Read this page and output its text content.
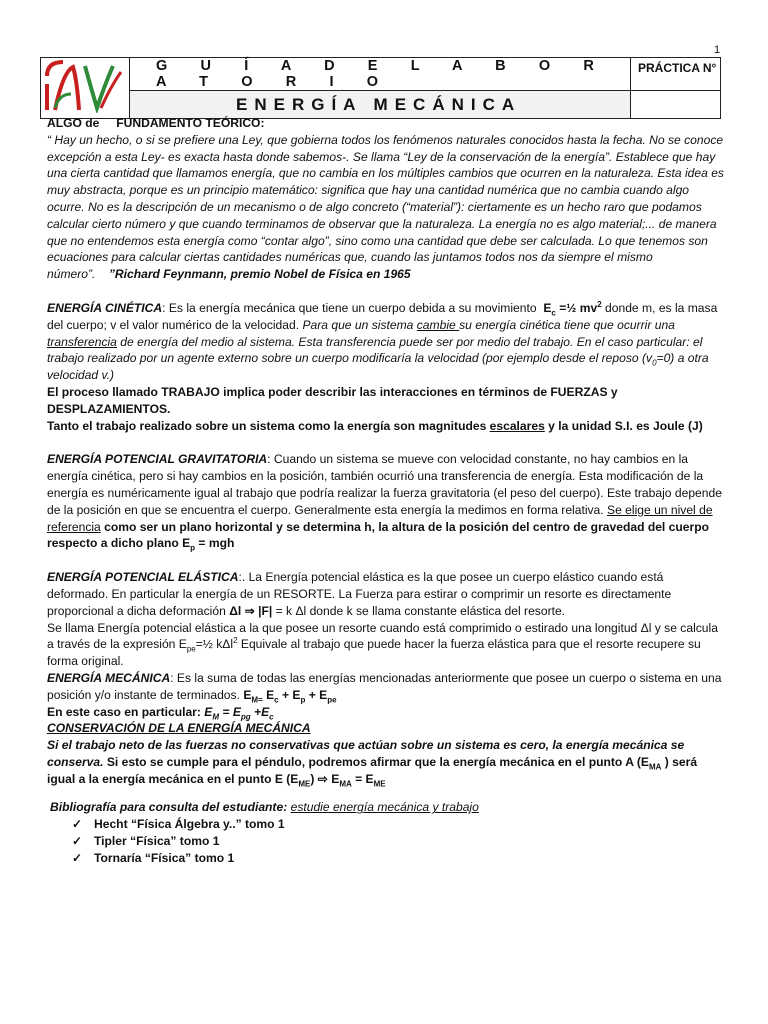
1
	G U Í A D E L A B O R A T O R I O	PRÁCTICA N°
	ENERGÍA MECÁNICA	

ALGO de FUNDAMENTO TEÓRICO:

“ Hay un hecho, o si se prefiere una Ley, que gobierna todos los fenómenos naturales conocidos hasta la fecha. No se conoce excepción a esta Ley- es exacta hasta donde sabemos-. Se llama “Ley de la conservación de la energía”. Establece que hay una cierta cantidad que llamamos energía, que no cambia en los múltiples cambios que ocurren en la naturaleza. Esta idea es muy abstracta, porque es un principio matemático: significa que hay una cantidad numérica que no cambia cuando algo ocurre. No es la descripción de un mecanismo o de algo concreto (“material”): ciertamente es un hecho raro que podamos calcular cierto número y que cuando terminamos de observar que la naturaleza. La energía no es algo material;... de manera que no entendemos esta energía como “contar algo”, sino como una cantidad que debe ser calculada. Lo que tenemos son ecuaciones para calcular ciertas cantidades numéricas que, cuando las juntamos todos nos da siempre el mismo número”. ”Richard Feynmann, premio Nobel de Física en 1965

ENERGÍA CINÉTICA: Es la energía mecánica que tiene un cuerpo debida a su movimiento $E_c$ =½ $mv^2$ donde m, es la masa del cuerpo; v el valor numérico de la velocidad. Para que un sistema cambie su energía cinética tiene que ocurrir una transferencia de energía del medio al sistema. Esta transferencia puede ser por medio del trabajo. En el caso particular: el trabajo realizado por un agente externo sobre un cuerpo modificaría la velocidad (por ejemplo desde el reposo $(v_0=0)$ a otra velocidad v.)

El proceso llamado TRABAJO implica poder describir las interacciones en términos de FUERZAS y DESPLAZAMIENTOS.

Tanto el trabajo realizado sobre un sistema como la energía son magnitudes escalares y la unidad S.I. es Joule (J)

ENERGÍA POTENCIAL GRAVITATORIA: Cuando un sistema se mueve con velocidad constante, no hay cambios en la energía cinética, pero si hay cambios en la posición, también ocurrió una transferencia de energía. Esta modificación de la energía es numéricamente igual al trabajo que podría realizar la fuerza gravitatoria (el peso del cuerpo). Este trabajo depende de la posición en que se encuentra el cuerpo. Generalmente esta energía la medimos en forma relativa. Se elige un nivel de referencia como ser un plano horizontal y se determina h, la altura de la posición del centro de gravedad del cuerpo respecto a dicho plano $E_p$ = mgh

ENERGÍA POTENCIAL ELÁSTICA:. La Energía potencial elástica es la que posee un cuerpo elástico cuando está deformado. En particular la energía de un RESORTE. La Fuerza para estirar o comprimir un resorte es directamente proporcional a dicha deformación Δl ⇒ |F| = k Δl donde k se llama constante elástica del resorte.

Se llama Energía potencial elástica a la que posee un resorte cuando está comprimido o estirado una longitud Δl y se calcula a través de la expresión $E_{pe}=\frac{1}{2}$ kΔl$^2$ Equivale al trabajo que puede hacer la fuerza elástica para que el resorte recupere su forma original.

ENERGÍA MECÁNICA: Es la suma de todas las energías mencionadas anteriormente que posee un cuerpo o sistema en una posición y/o instante de terminados. $E_{M=}$ $E_c + E_p + E_{pe}$

En este caso en particular: $E_M = E_{pg} +E_c$

CONSERVACIÓN DE LA ENERGÍA MECÁNICA

Si el trabajo neto de las fuerzas no conservativas que actúan sobre un sistema es cero, la energía mecánica se conserva. Si esto se cumple para el péndulo, podremos afirmar que la energía mecánica en el punto A ($E_{MA}$ ) será igual a la energía mecánica en el punto E $(E_{ME})$ ⇨ $E_{MA} = E_{ME}$

Bibliografía para consulta del estudiante: estudie energía mecánica y trabajo

✓ Hecht “Física Álgebra y..” tomo 1
✓ Tipler “Física” tomo 1
✓ Tornaría “Física” tomo 1
